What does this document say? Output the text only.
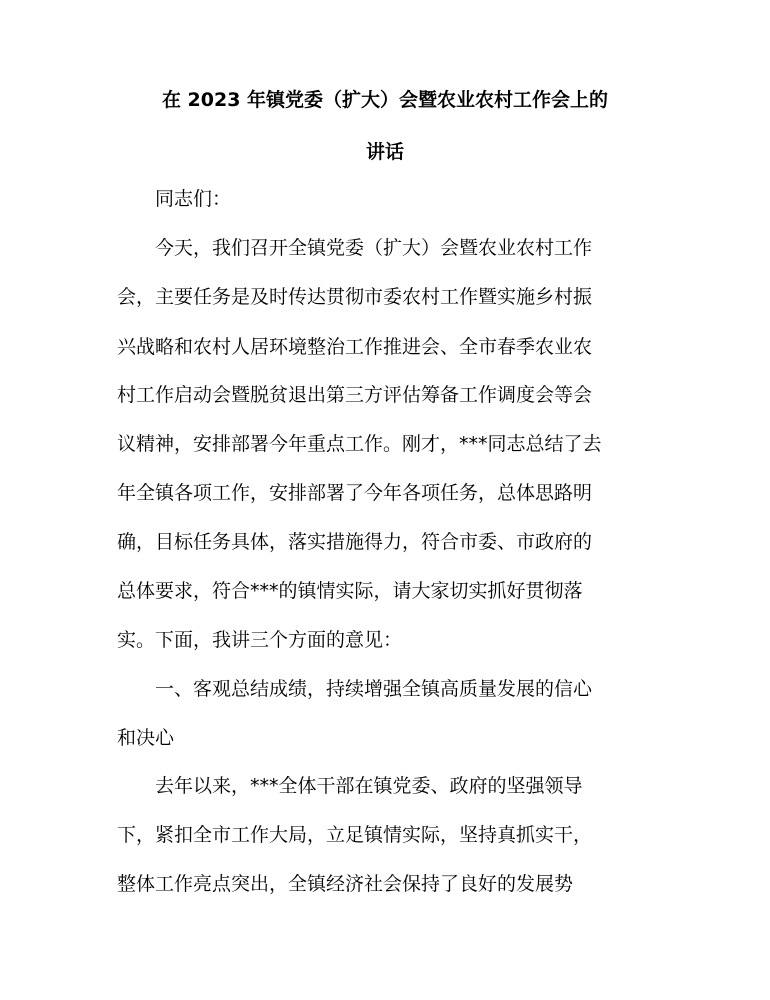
在 2023 年镇党委（扩大）会暨农业农村工作会上的
讲话
同志们：
今天，我们召开全镇党委（扩大）会暨农业农村工作
会，主要任务是及时传达贯彻市委农村工作暨实施乡村振
兴战略和农村人居环境整治工作推进会、全市春季农业农
村工作启动会暨脱贫退出第三方评估筹备工作调度会等会
议精神，安排部署今年重点工作。刚才，***同志总结了去
年全镇各项工作，安排部署了今年各项任务，总体思路明
确，目标任务具体，落实措施得力，符合市委、市政府的
总体要求，符合***的镇情实际，请大家切实抓好贯彻落
实。下面，我讲三个方面的意见：
一、客观总结成绩，持续增强全镇高质量发展的信心
和决心
去年以来，***全体干部在镇党委、政府的坚强领导
下，紧扣全市工作大局，立足镇情实际，坚持真抓实干，
整体工作亮点突出，全镇经济社会保持了良好的发展势
